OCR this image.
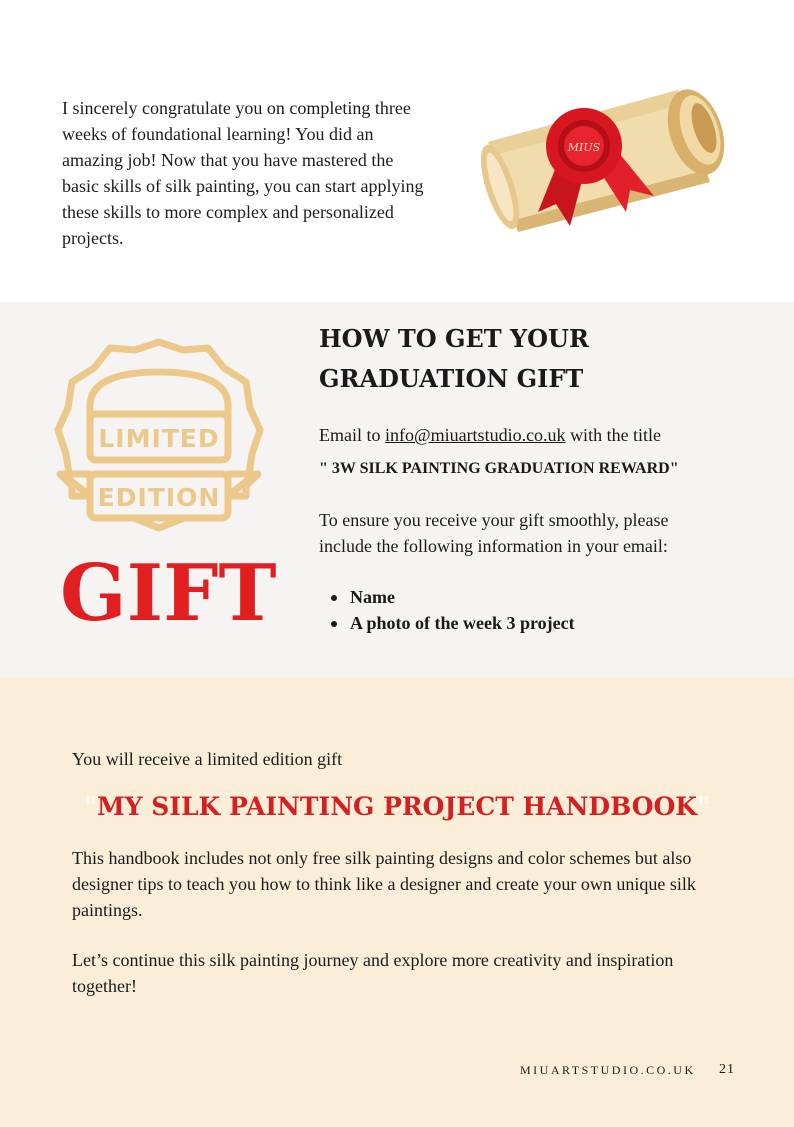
I sincerely congratulate you on completing three weeks of foundational learning! You did an amazing job! Now that you have mastered the basic skills of silk painting, you can start applying these skills to more complex and personalized projects.

MIUS
LIMITED
EDITION
GIFT
HOW TO GET YOUR
GRADUATION GIFT
Email to info@miuartstudio.co.uk with the title
" 3W SILK PAINTING GRADUATION REWARD"

To ensure you receive your gift smoothly, please include the following information in your email:

Name
A photo of the week 3 project
You will receive a limited edition gift
"MY SILK PAINTING PROJECT HANDBOOK"

This handbook includes not only free silk painting designs and color schemes but also designer tips to teach you how to think like a designer and create your own unique silk paintings.

Let’s continue this silk painting journey and explore more creativity and inspiration together!

MIUARTSTUDIO.CO.UK 21
